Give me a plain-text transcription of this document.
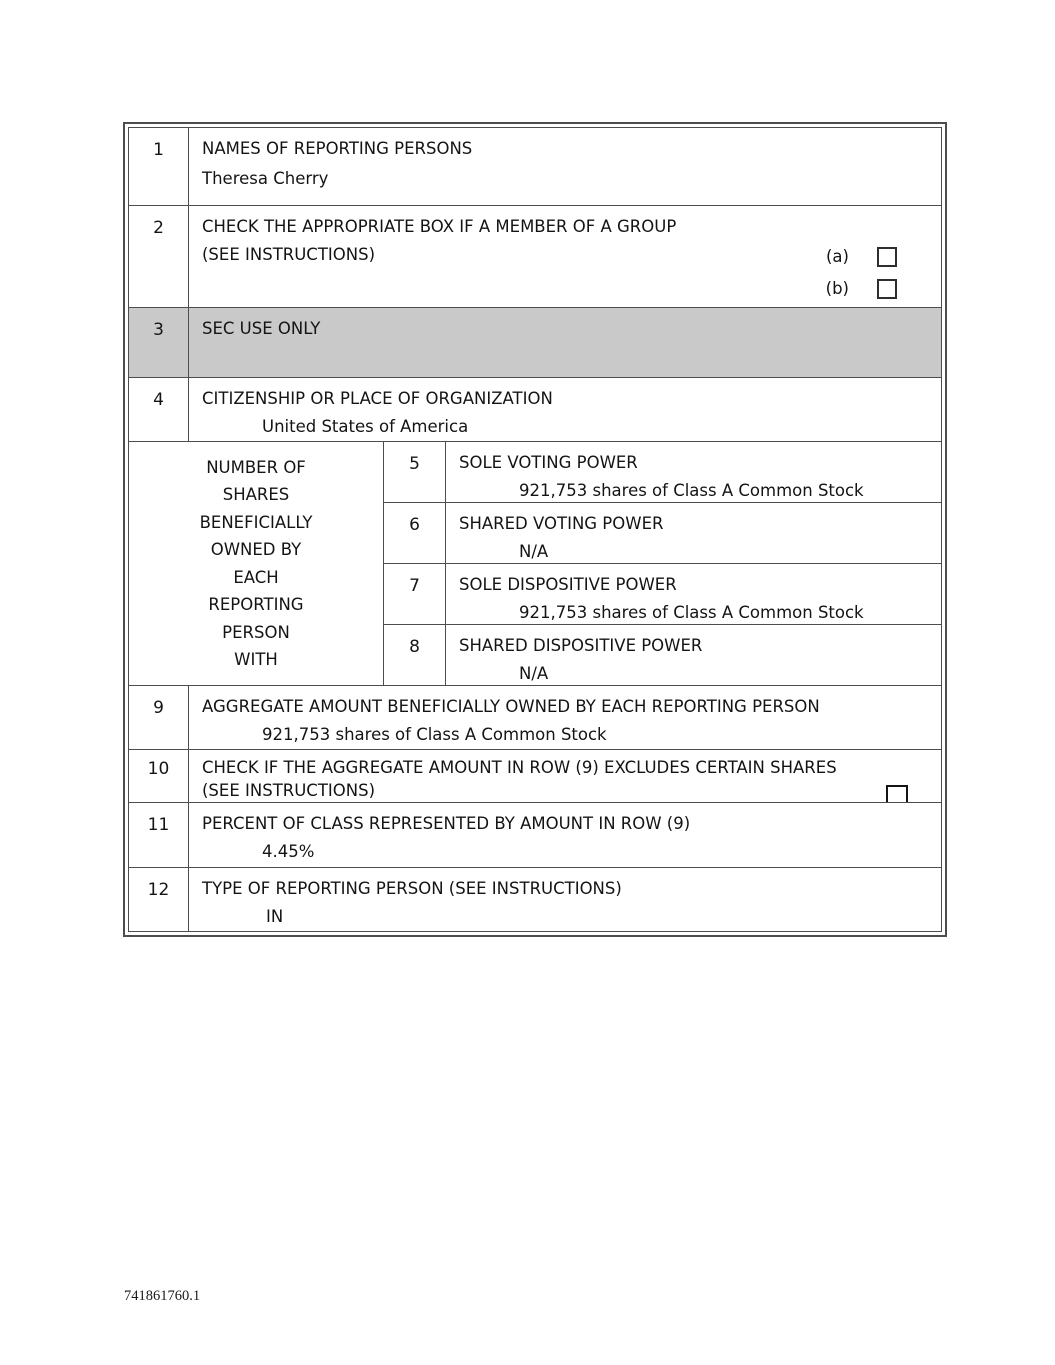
1	NAMES OF REPORTING PERSONS
Theresa Cherry		

2	CHECK THE APPROPRIATE BOX IF A MEMBER OF A GROUP
(SEE INSTRUCTIONS) (a)
(b)		

3	SEC USE ONLY		

4	CITIZENSHIP OR PLACE OF ORGANIZATION
United States of America		

NUMBER OF
SHARES
BENEFICIALLY
OWNED BY
EACH
REPORTING
PERSON
WITH
	5	SOLE VOTING POWER
921,753 shares of Class A Common Stock

		6	SHARED VOTING POWER
N/A

		7	SOLE DISPOSITIVE POWER
921,753 shares of Class A Common Stock

		8	SHARED DISPOSITIVE POWER
N/A

9	AGGREGATE AMOUNT BENEFICIALLY OWNED BY EACH REPORTING PERSON
921,753 shares of Class A Common Stock		

10	CHECK IF THE AGGREGATE AMOUNT IN ROW (9) EXCLUDES CERTAIN SHARES
(SEE INSTRUCTIONS)		

11	PERCENT OF CLASS REPRESENTED BY AMOUNT IN ROW (9)
4.45%		

12	TYPE OF REPORTING PERSON (SEE INSTRUCTIONS)
IN		
741861760.1
